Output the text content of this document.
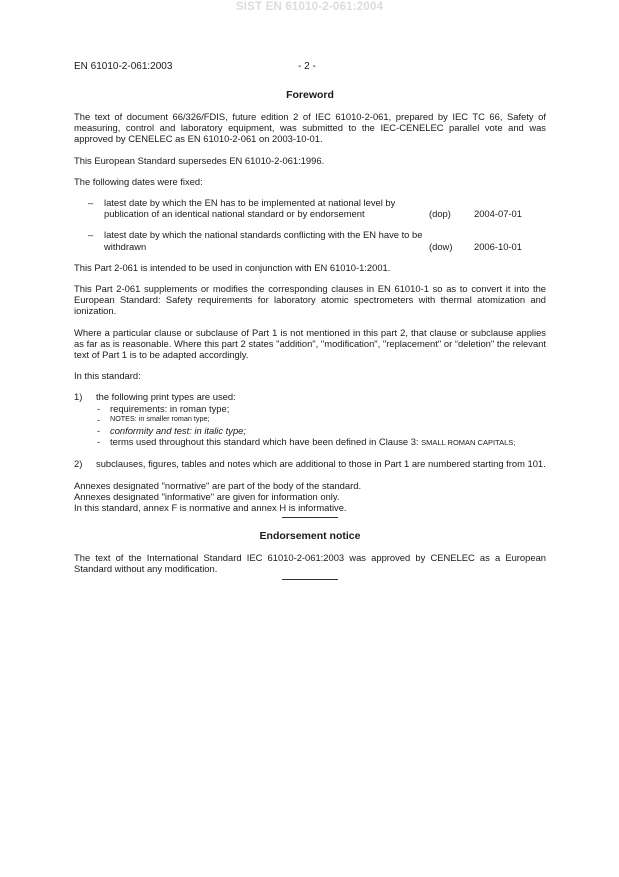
SIST EN 61010-2-061:2004
EN 61010-2-061:2003	- 2 -
Foreword

The text of document 66/326/FDIS, future edition 2 of IEC 61010-2-061, prepared by IEC TC 66, Safety of measuring, control and laboratory equipment, was submitted to the IEC-CENELEC parallel vote and was approved by CENELEC as EN 61010-2-061 on 2003-10-01.

This European Standard supersedes EN 61010-2-061:1996.

The following dates were fixed:

–	latest date by which the EN has to be implemented at national level by publication of an identical national standard or by endorsement	(dop)	2004-07-01
–	latest date by which the national standards conflicting with the EN have to be withdrawn	(dow)	2006-10-01

This Part 2-061 is intended to be used in conjunction with EN 61010-1:2001.

This Part 2-061 supplements or modifies the corresponding clauses in EN 61010-1 so as to convert it into the European Standard: Safety requirements for laboratory atomic spectrometers with thermal atomization and ionization.

Where a particular clause or subclause of Part 1 is not mentioned in this part 2, that clause or subclause applies as far as is reasonable. Where this part 2 states "addition", "modification", "replacement" or “deletion" the relevant text of Part 1 is to be adapted accordingly.

In this standard:

1)	the following print types are used:
-	requirements: in roman type;
-	NOTES: in smaller roman type;
-	conformity and test: in italic type;
-	terms used throughout this standard which have been defined in Clause 3: SMALL ROMAN CAPITALS;
2)	subclauses, figures, tables and notes which are additional to those in Part 1 are numbered starting from 101.
Annexes designated "normative" are part of the body of the standard.
Annexes designated "informative" are given for information only.
In this standard, annex F is normative and annex H is informative.
Endorsement notice

The text of the International Standard IEC 61010-2-061:2003 was approved by CENELEC as a European Standard without any modification.
